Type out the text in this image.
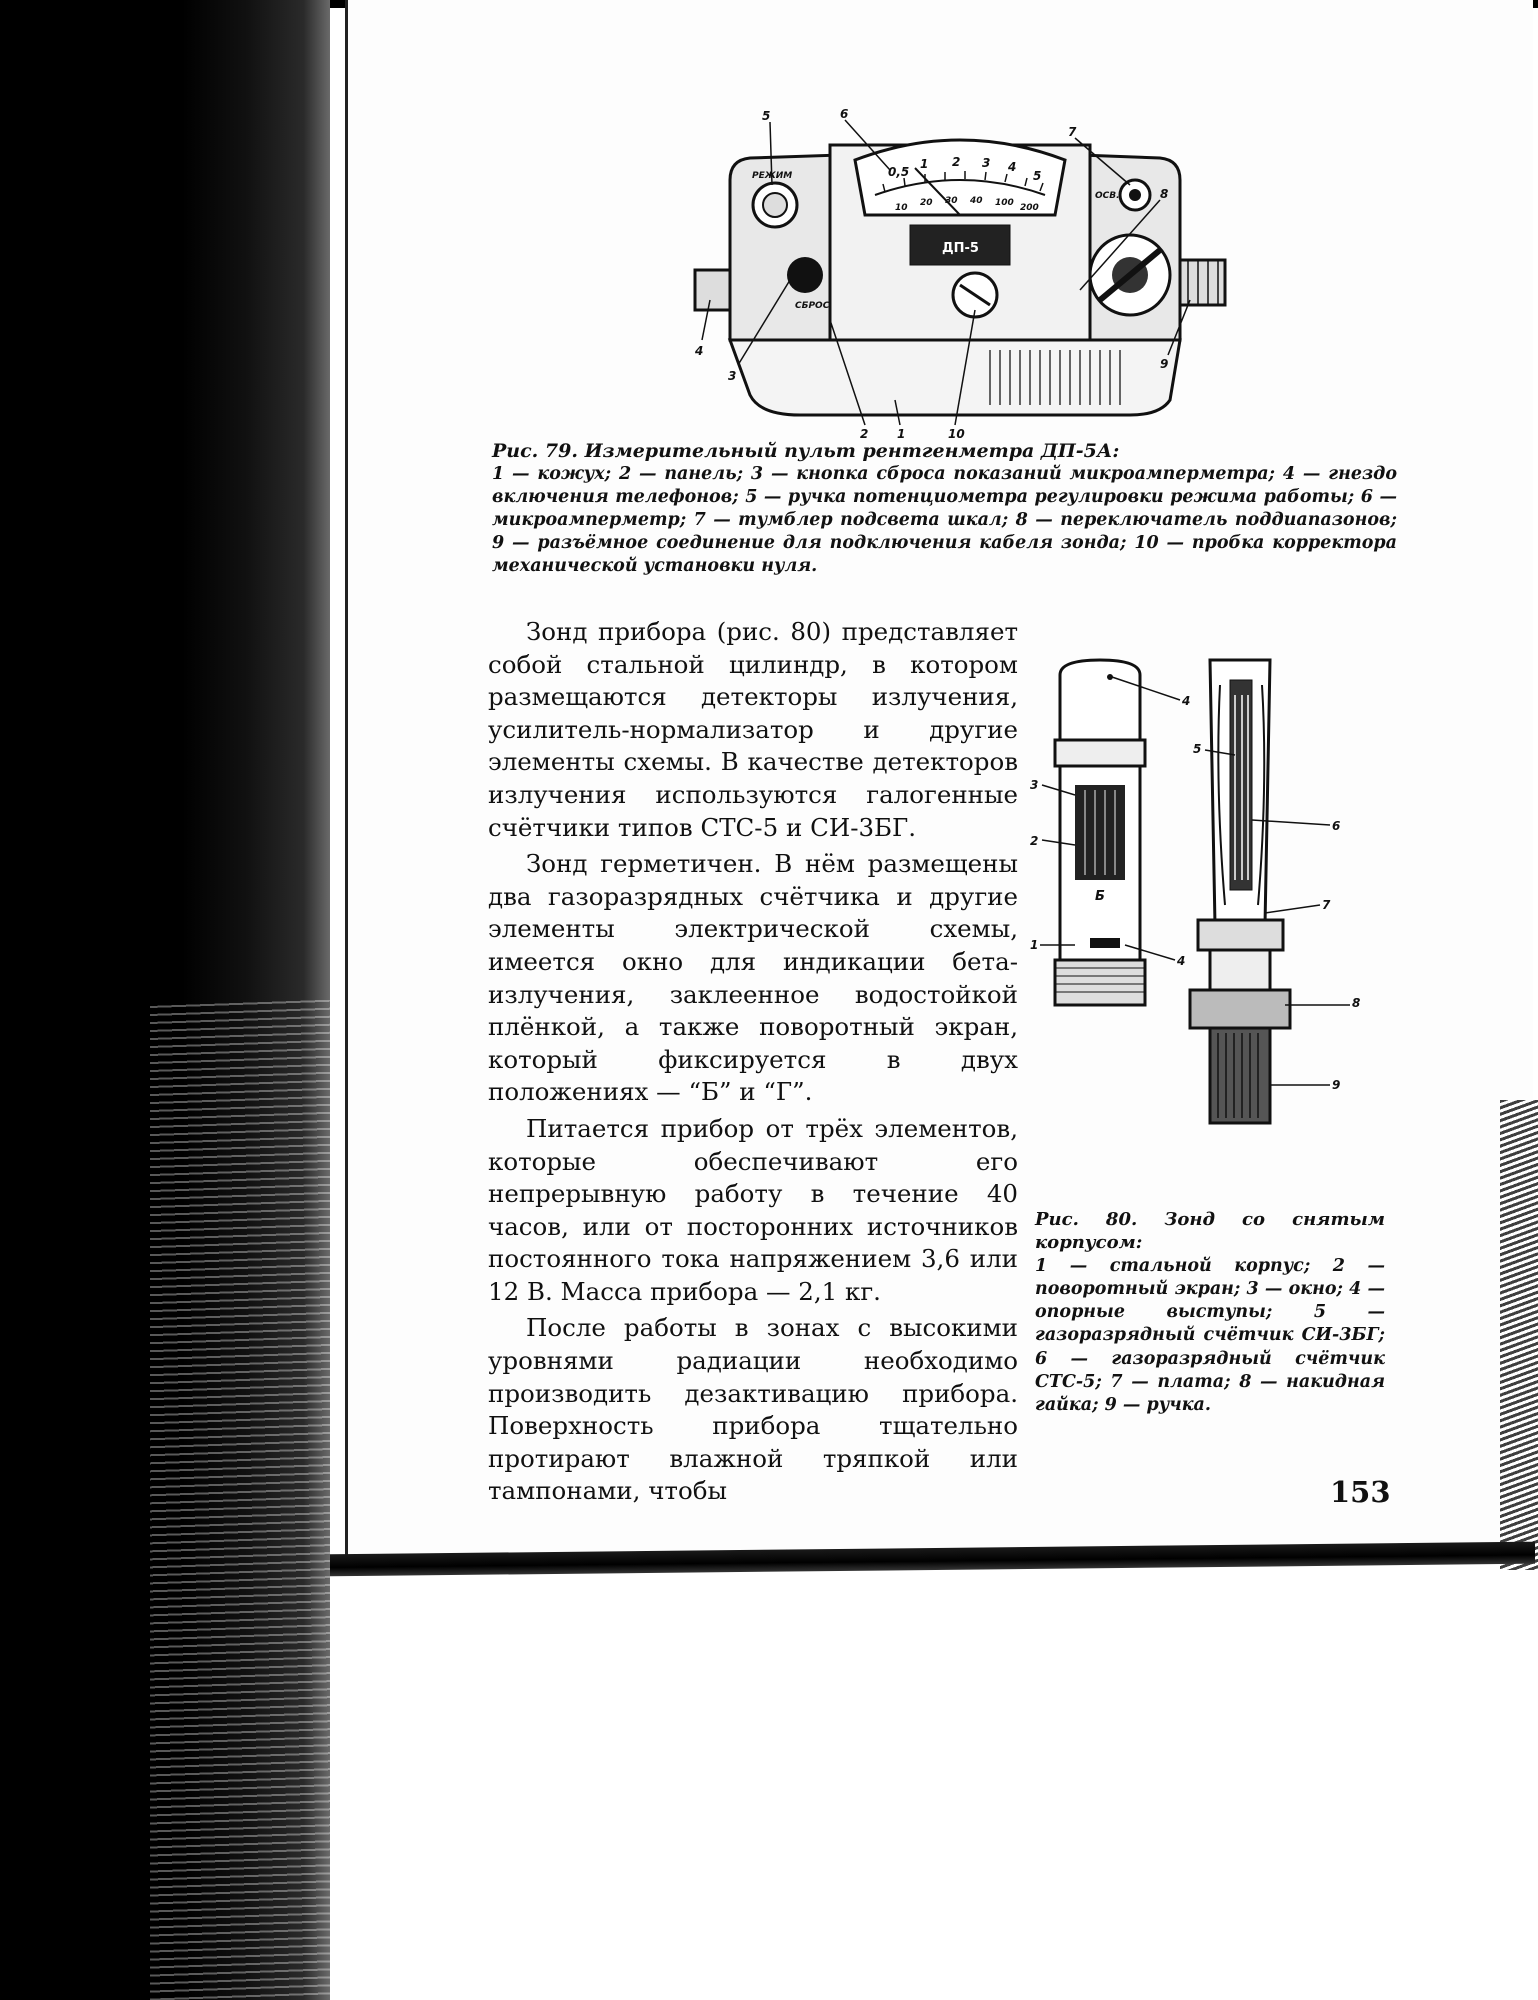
0,5
1 2 3 4
5
10 20 30 40 100 200
ДП-5
РЕЖИМ
СБРОС
ОСВ.
5	6
7
8
9
4
3
2 1	10
Рис. 79. Измерительный пульт рентгенметра ДП-5А:
1 — кожух; 2 — панель; 3 — кнопка сброса показаний микроамперметра; 4 — гнездо включения телефонов; 5 — ручка потенциометра регулировки режима работы; 6 — микроамперметр; 7 — тумблер подсвета шкал; 8 — переключатель поддиапазонов; 9 — разъёмное соединение для подключения кабеля зонда; 10 — пробка корректора механической установки нуля.

Зонд прибора (рис. 80) представляет собой стальной цилиндр, в котором размещаются детекторы излучения, усилитель-нормализатор и другие элементы схемы. В качестве детекторов излучения используются галогенные счётчики типов СТС-5 и СИ-3БГ.

Зонд герметичен. В нём размещены два газоразрядных счётчика и другие элементы электрической схемы, имеется окно для индикации бета-излучения, заклеенное водостойкой плёнкой, а также поворотный экран, который фиксируется в двух положениях — “Б” и “Г”.

Питается прибор от трёх элементов, которые обеспечивают его непрерывную работу в течение 40 часов, или от посторонних источников постоянного тока напряжением 3,6 или 12 В. Масса прибора — 2,1 кг.

После работы в зонах с высокими уровнями радиации необходимо производить дезактивацию прибора. Поверхность прибора тщательно протирают влажной тряпкой или тампонами, чтобы

Б
4
3
2
1
4
5
6
7
8
9
Рис. 80. Зонд со снятым корпусом:
1 — стальной корпус; 2 — поворотный экран; 3 — окно; 4 — опорные выступы; 5 — газоразрядный счётчик СИ-3БГ; 6 — газоразрядный счётчик СТС-5; 7 — плата; 8 — накидная гайка; 9 — ручка.
153
